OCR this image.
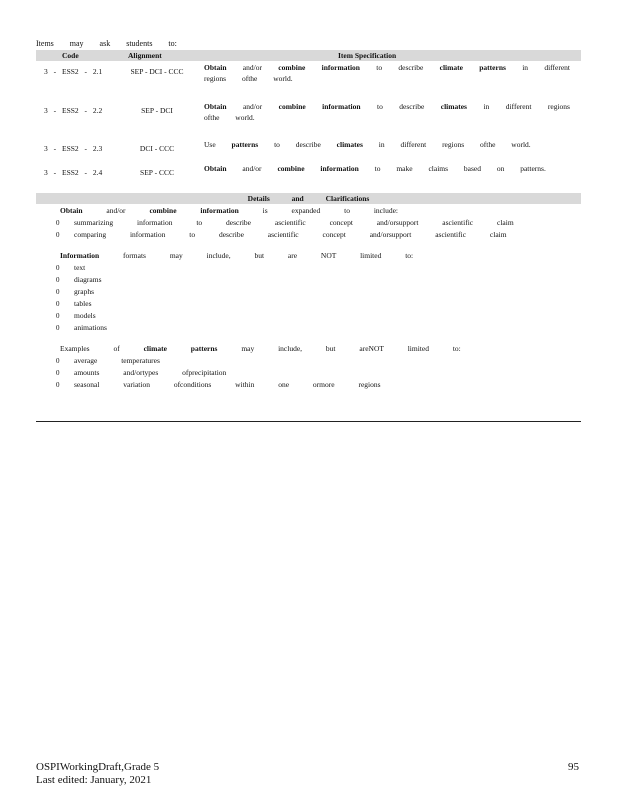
Items may ask students to:
Code	Alignment	Item Specification
3 - ESS2 - 2.1	SEP - DCI - CCC	Obtain and/or combine information to describe climate patterns in different regions ofthe world.
3 - ESS2 - 2.2	SEP - DCI	Obtain and/or combine information to describe climates in different regions ofthe world.
3 - ESS2 - 2.3	DCI - CCC	Use patterns to describe climates in different regions ofthe world.
3 - ESS2 - 2.4	SEP - CCC	Obtain and/or combine information to make claims based on patterns.
Details and Clarifications
Obtain and/or combine	information is expanded to include:
0	summarizing information to describe ascientific concept and/orsupport ascientific claim
0	comparing information to describe ascientific concept and/orsupport ascientific claim
Information formats may include, but are NOT limited to:
0	text
0	diagrams
0	graphs
0	tables
0	models
0	animations
Examples of climate patterns may include, but areNOT limited to:
0	average temperatures
0	amounts and/ortypes ofprecipitation
0	seasonal variation ofconditions within one ormore regions
OSPIWorkingDraft,Grade 5
Last edited: January, 2021
95
